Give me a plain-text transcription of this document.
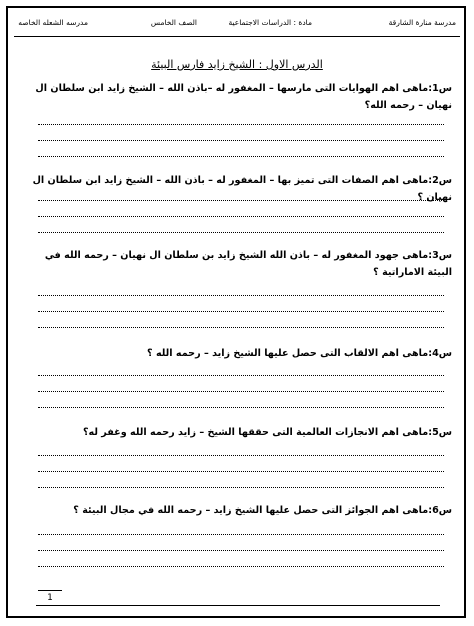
مدرسة منارة الشارقة
مادة : الدراسات الاجتماعية
الصف الخامس
مدرسه الشعله الخاصه
الدرس الاول : الشيخ زايد فارس البيئة
س1:ماهى اهم الهوايات التى مارسها – المغفور له –باذن الله – الشيخ زايد ابن سلطان ال نهيان – رحمه الله؟
س2:ماهى اهم الصفات التى تميز بها – المغفور له – باذن الله – الشيخ زايد ابن سلطان ال نهيان ؟
س3:ماهى جهود المغفور له – باذن الله الشيخ زايد بن سلطان ال نهيان – رحمه الله في البيئة الاماراتية ؟
س4:ماهى اهم الالقاب التى حصل عليها الشيخ زايد – رحمه الله ؟
س5:ماهى اهم الانجازات العالمية التى حققها الشيخ – زايد رحمه الله وغفر له؟
س6:ماهى اهم الجوائز التى حصل عليها الشيخ زايد – رحمه الله في مجال البيئة ؟
1
